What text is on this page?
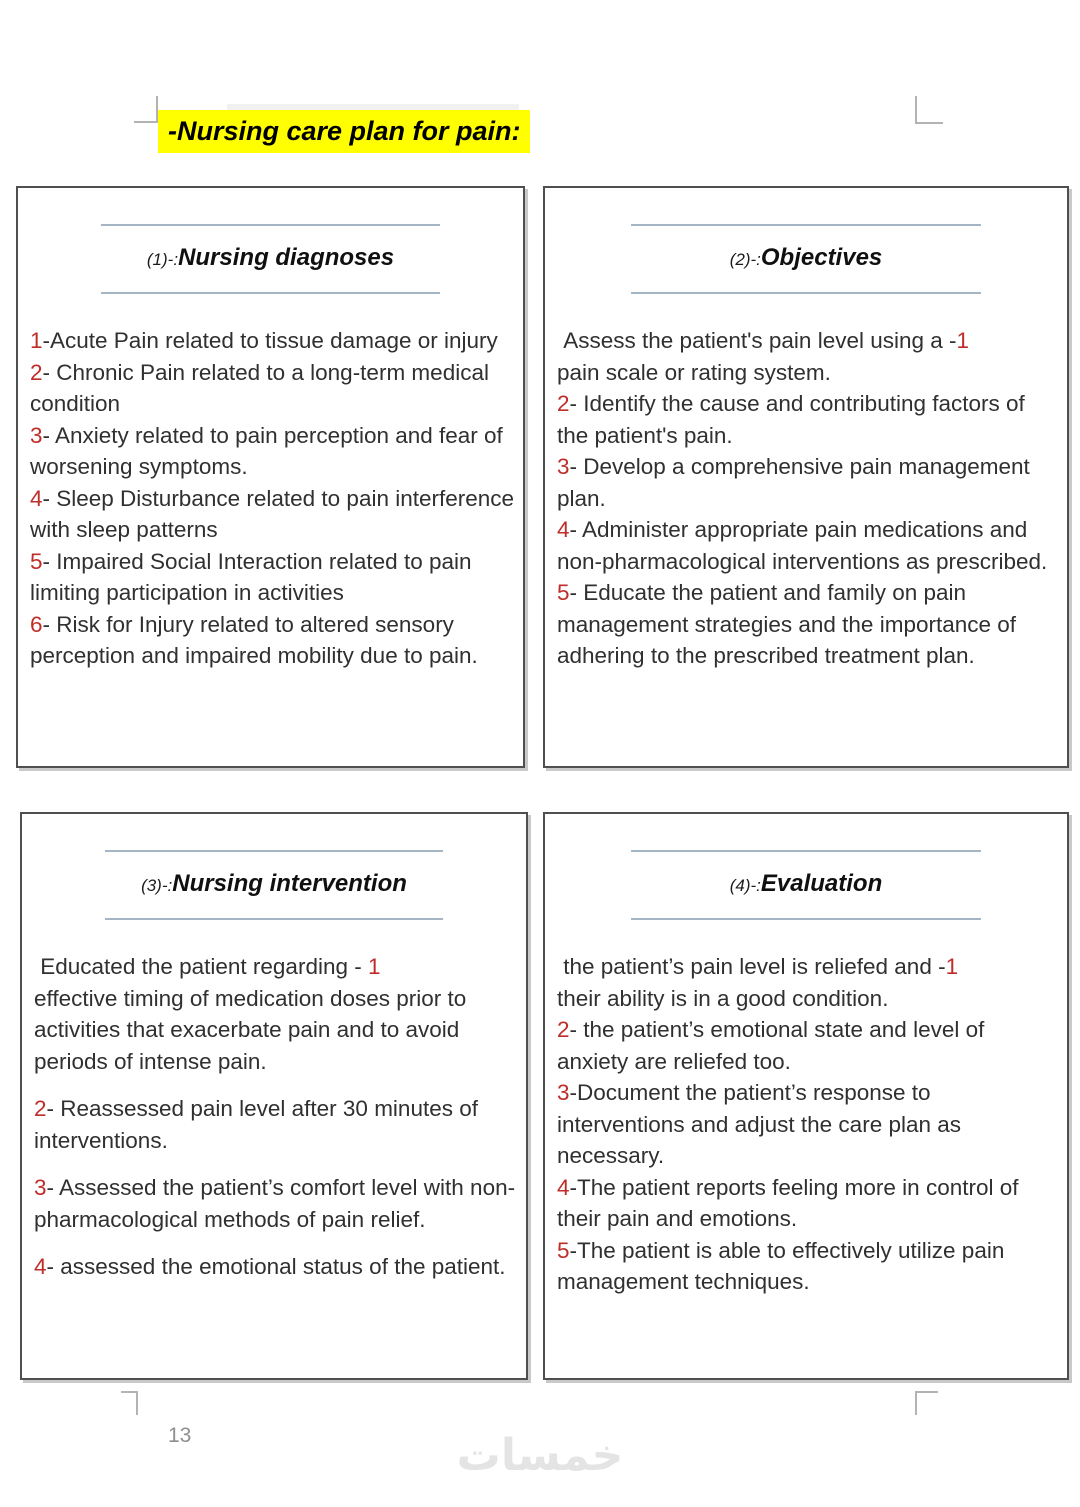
-Nursing care plan for pain:
(1)-:Nursing diagnoses
1-Acute Pain related to tissue damage or injury
2- Chronic Pain related to a long-term medical condition
3- Anxiety related to pain perception and fear of worsening symptoms.
4- Sleep Disturbance related to pain interference with sleep patterns
5- Impaired Social Interaction related to pain limiting participation in activities
6- Risk for Injury related to altered sensory perception and impaired mobility due to pain.
(2)-:Objectives
Assess the patient's pain level using a -1
pain scale or rating system.
2- Identify the cause and contributing factors of the patient's pain.
3- Develop a comprehensive pain management plan.
4- Administer appropriate pain medications and non-pharmacological interventions as prescribed.
5- Educate the patient and family on pain management strategies and the importance of adhering to the prescribed treatment plan.
(3)-:Nursing intervention
Educated the patient regarding - 1
effective timing of medication doses prior to activities that exacerbate pain and to avoid periods of intense pain.
2- Reassessed pain level after 30 minutes of interventions.
3- Assessed the patient’s comfort level with non-pharmacological methods of pain relief.
4- assessed the emotional status of the patient.
(4)-:Evaluation
the patient’s pain level is reliefed and -1
their ability is in a good condition.
2- the patient’s emotional state and level of anxiety are reliefed too.
3-Document the patient’s response to interventions and adjust the care plan as necessary.
4-The patient reports feeling more in control of their pain and emotions.
5-The patient is able to effectively utilize pain management techniques.
13	خمسات
